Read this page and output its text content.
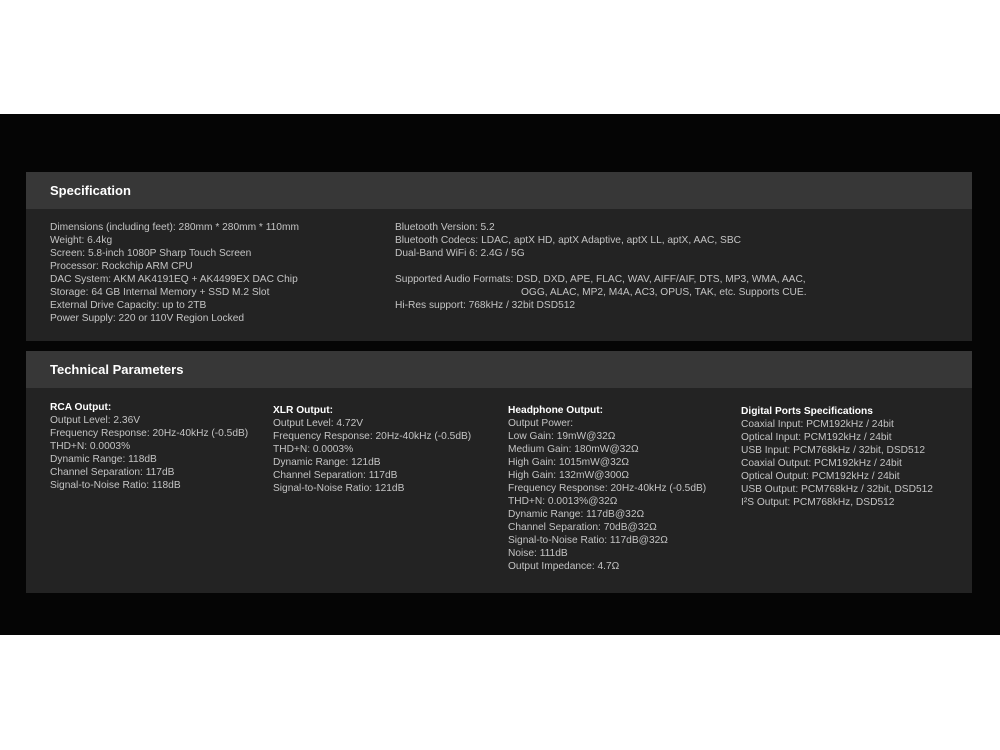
Specification
Dimensions (including feet): 280mm * 280mm * 110mm
Weight: 6.4kg
Screen: 5.8-inch 1080P Sharp Touch Screen
Processor: Rockchip ARM CPU
DAC System: AKM AK4191EQ + AK4499EX DAC Chip
Storage: 64 GB Internal Memory + SSD M.2 Slot
External Drive Capacity: up to 2TB
Power Supply: 220 or 110V Region Locked
Bluetooth Version: 5.2
Bluetooth Codecs: LDAC, aptX HD, aptX Adaptive, aptX LL, aptX, AAC, SBC
Dual-Band WiFi 6: 2.4G / 5G
Supported Audio Formats: DSD, DXD, APE, FLAC, WAV, AIFF/AIF, DTS, MP3, WMA, AAC,
OGG, ALAC, MP2, M4A, AC3, OPUS, TAK, etc. Supports CUE.
Hi-Res support: 768kHz / 32bit DSD512
Technical Parameters
RCA Output:
Output Level: 2.36V
Frequency Response: 20Hz-40kHz (-0.5dB)
THD+N: 0.0003%
Dynamic Range: 118dB
Channel Separation: 117dB
Signal-to-Noise Ratio: 118dB
XLR Output:
Output Level: 4.72V
Frequency Response: 20Hz-40kHz (-0.5dB)
THD+N: 0.0003%
Dynamic Range: 121dB
Channel Separation: 117dB
Signal-to-Noise Ratio: 121dB
Headphone Output:
Output Power:
Low Gain: 19mW@32Ω
Medium Gain: 180mW@32Ω
High Gain: 1015mW@32Ω
High Gain: 132mW@300Ω
Frequency Response: 20Hz-40kHz (-0.5dB)
THD+N: 0.0013%@32Ω
Dynamic Range: 117dB@32Ω
Channel Separation: 70dB@32Ω
Signal-to-Noise Ratio: 117dB@32Ω
Noise: 111dB
Output Impedance: 4.7Ω
Digital Ports Specifications
Coaxial Input: PCM192kHz / 24bit
Optical Input: PCM192kHz / 24bit
USB Input: PCM768kHz / 32bit, DSD512
Coaxial Output: PCM192kHz / 24bit
Optical Output: PCM192kHz / 24bit
USB Output: PCM768kHz / 32bit, DSD512
I²S Output: PCM768kHz, DSD512
